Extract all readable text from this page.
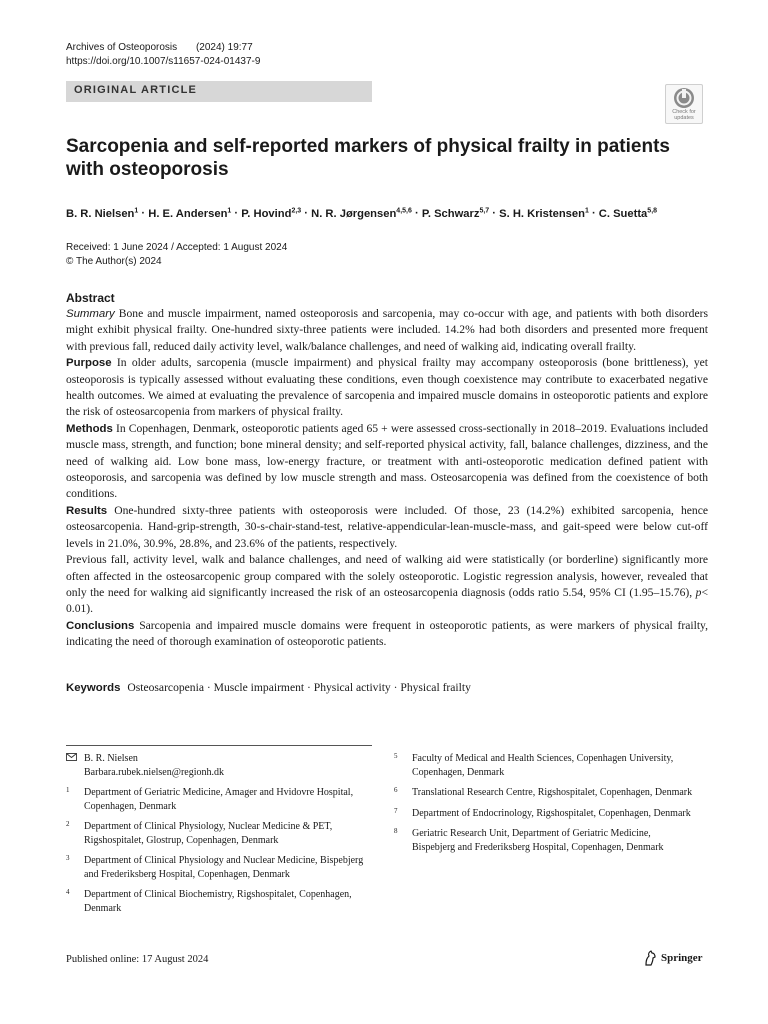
Archives of Osteoporosis (2024) 19:77
https://doi.org/10.1007/s11657-024-01437-9
ORIGINAL ARTICLE
Check for
updates
Sarcopenia and self-reported markers of physical frailty in patients with osteoporosis
B. R. Nielsen$^1$ · H. E. Andersen$^1$ · P. Hovind$^{2,3}$ · N. R. Jørgensen$^{4,5,6}$ · P. Schwarz$^{5,7}$ · S. H. Kristensen$^1$ · C. Suetta$^{5,8}$
Received: 1 June 2024 / Accepted: 1 August 2024
© The Author(s) 2024
Abstract

Summary Bone and muscle impairment, named osteoporosis and sarcopenia, may co-occur with age, and patients with both disorders might exhibit physical frailty. One-hundred sixty-three patients were included. 14.2% had both disorders and presented more frequent with previous fall, reduced daily activity level, walk/balance challenges, and need of walking aid, indicating overall frailty.

Purpose In older adults, sarcopenia (muscle impairment) and physical frailty may accompany osteoporosis (bone brittleness), yet osteoporosis is typically assessed without evaluating these conditions, even though coexistence may contribute to exacerbated negative health outcomes. We aimed at evaluating the prevalence of sarcopenia and impaired muscle domains in osteoporotic patients and explore the risk of osteosarcopenia from markers of physical frailty.

Methods In Copenhagen, Denmark, osteoporotic patients aged 65 + were assessed cross-sectionally in 2018–2019. Evaluations included muscle mass, strength, and function; bone mineral density; and self-reported physical activity, fall, balance challenges, dizziness, and the need of walking aid. Low bone mass, low-energy fracture, or treatment with anti-osteoporotic medication defined patient with osteoporosis, and sarcopenia was defined by low muscle strength and mass. Osteosarcopenia was defined from the coexistence of both conditions.

Results One-hundred sixty-three patients with osteoporosis were included. Of those, 23 (14.2%) exhibited sarcopenia, hence osteosarcopenia. Hand-grip-strength, 30-s-chair-stand-test, relative-appendicular-lean-muscle-mass, and gait-speed were below cut-off levels in 21.0%, 30.9%, 28.8%, and 23.6% of the patients, respectively.

Previous fall, activity level, walk and balance challenges, and need of walking aid were statistically (or borderline) significantly more often affected in the osteosarcopenic group compared with the solely osteoporotic. Logistic regression analysis, however, revealed that only the need for walking aid significantly increased the risk of an osteosarcopenia diagnosis (odds ratio 5.54, 95% CI (1.95–15.76), p< 0.01).

Conclusions Sarcopenia and impaired muscle domains were frequent in osteoporotic patients, as were markers of physical frailty, indicating the need of thorough examination of osteoporotic patients.

Keywords Osteosarcopenia · Muscle impairment · Physical activity · Physical frailty
B. R. Nielsen
Barbara.rubek.nielsen@regionh.dk
1 Department of Geriatric Medicine, Amager and Hvidovre Hospital, Copenhagen, Denmark
2 Department of Clinical Physiology, Nuclear Medicine & PET, Rigshospitalet, Glostrup, Copenhagen, Denmark
3 Department of Clinical Physiology and Nuclear Medicine, Bispebjerg and Frederiksberg Hospital, Copenhagen, Denmark
4 Department of Clinical Biochemistry, Rigshospitalet, Copenhagen, Denmark
5 Faculty of Medical and Health Sciences, Copenhagen University, Copenhagen, Denmark
6 Translational Research Centre, Rigshospitalet, Copenhagen, Denmark
7 Department of Endocrinology, Rigshospitalet, Copenhagen, Denmark
8 Geriatric Research Unit, Department of Geriatric Medicine, Bispebjerg and Frederiksberg Hospital, Copenhagen, Denmark
Published online: 17 August 2024	Springer
